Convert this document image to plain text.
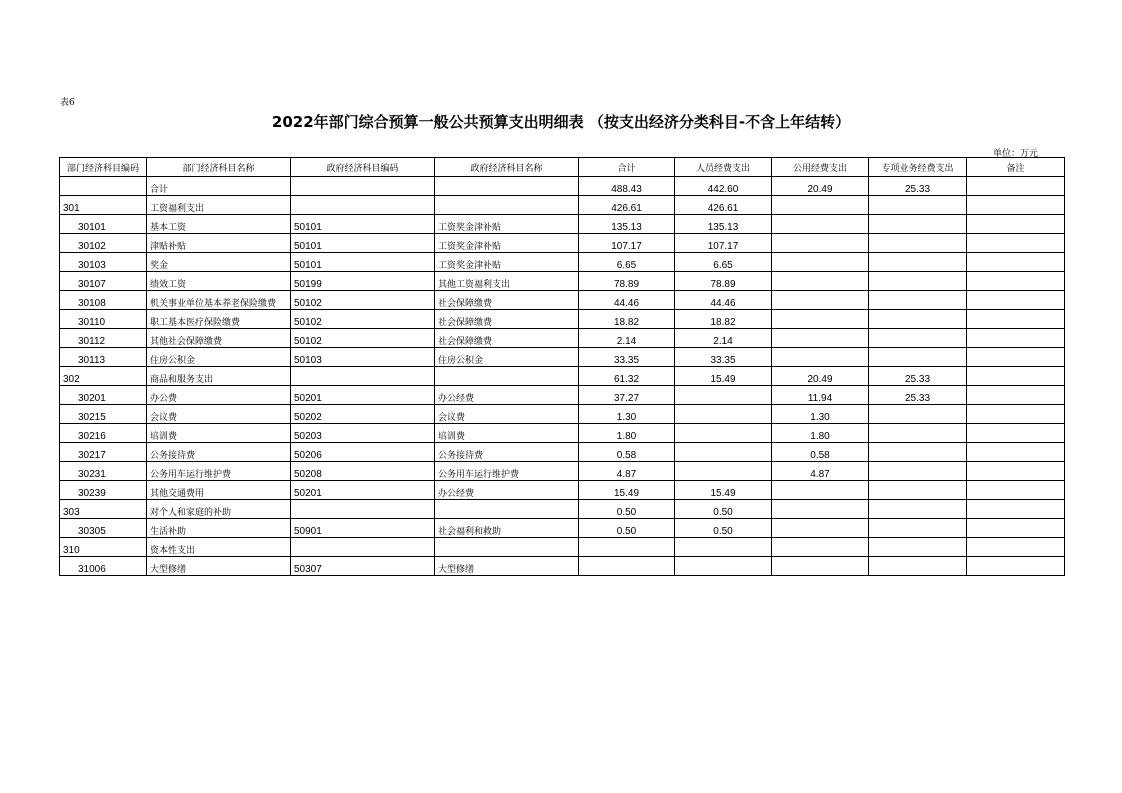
表6
2022年部门综合预算一般公共预算支出明细表 （按支出经济分类科目-不含上年结转）
单位：万元
部门经济科目编码	部门经济科目名称	政府经济科目编码	政府经济科目名称	合计	人员经费支出	公用经费支出	专项业务经费支出	备注
	合计			488.43	442.60	20.49	25.33	
301	工资福利支出			426.61	426.61			
30101	基本工资	50101	工资奖金津补贴	135.13	135.13			
30102	津贴补贴	50101	工资奖金津补贴	107.17	107.17			
30103	奖金	50101	工资奖金津补贴	6.65	6.65			
30107	绩效工资	50199	其他工资福利支出	78.89	78.89			
30108	机关事业单位基本养老保险缴费	50102	社会保障缴费	44.46	44.46			
30110	职工基本医疗保险缴费	50102	社会保障缴费	18.82	18.82			
30112	其他社会保障缴费	50102	社会保障缴费	2.14	2.14			
30113	住房公积金	50103	住房公积金	33.35	33.35			
302	商品和服务支出			61.32	15.49	20.49	25.33	
30201	办公费	50201	办公经费	37.27		11.94	25.33	
30215	会议费	50202	会议费	1.30		1.30		
30216	培训费	50203	培训费	1.80		1.80		
30217	公务接待费	50206	公务接待费	0.58		0.58		
30231	公务用车运行维护费	50208	公务用车运行维护费	4.87		4.87		
30239	其他交通费用	50201	办公经费	15.49	15.49			
303	对个人和家庭的补助			0.50	0.50			
30305	生活补助	50901	社会福利和救助	0.50	0.50			
310	资本性支出							
31006	大型修缮	50307	大型修缮					
